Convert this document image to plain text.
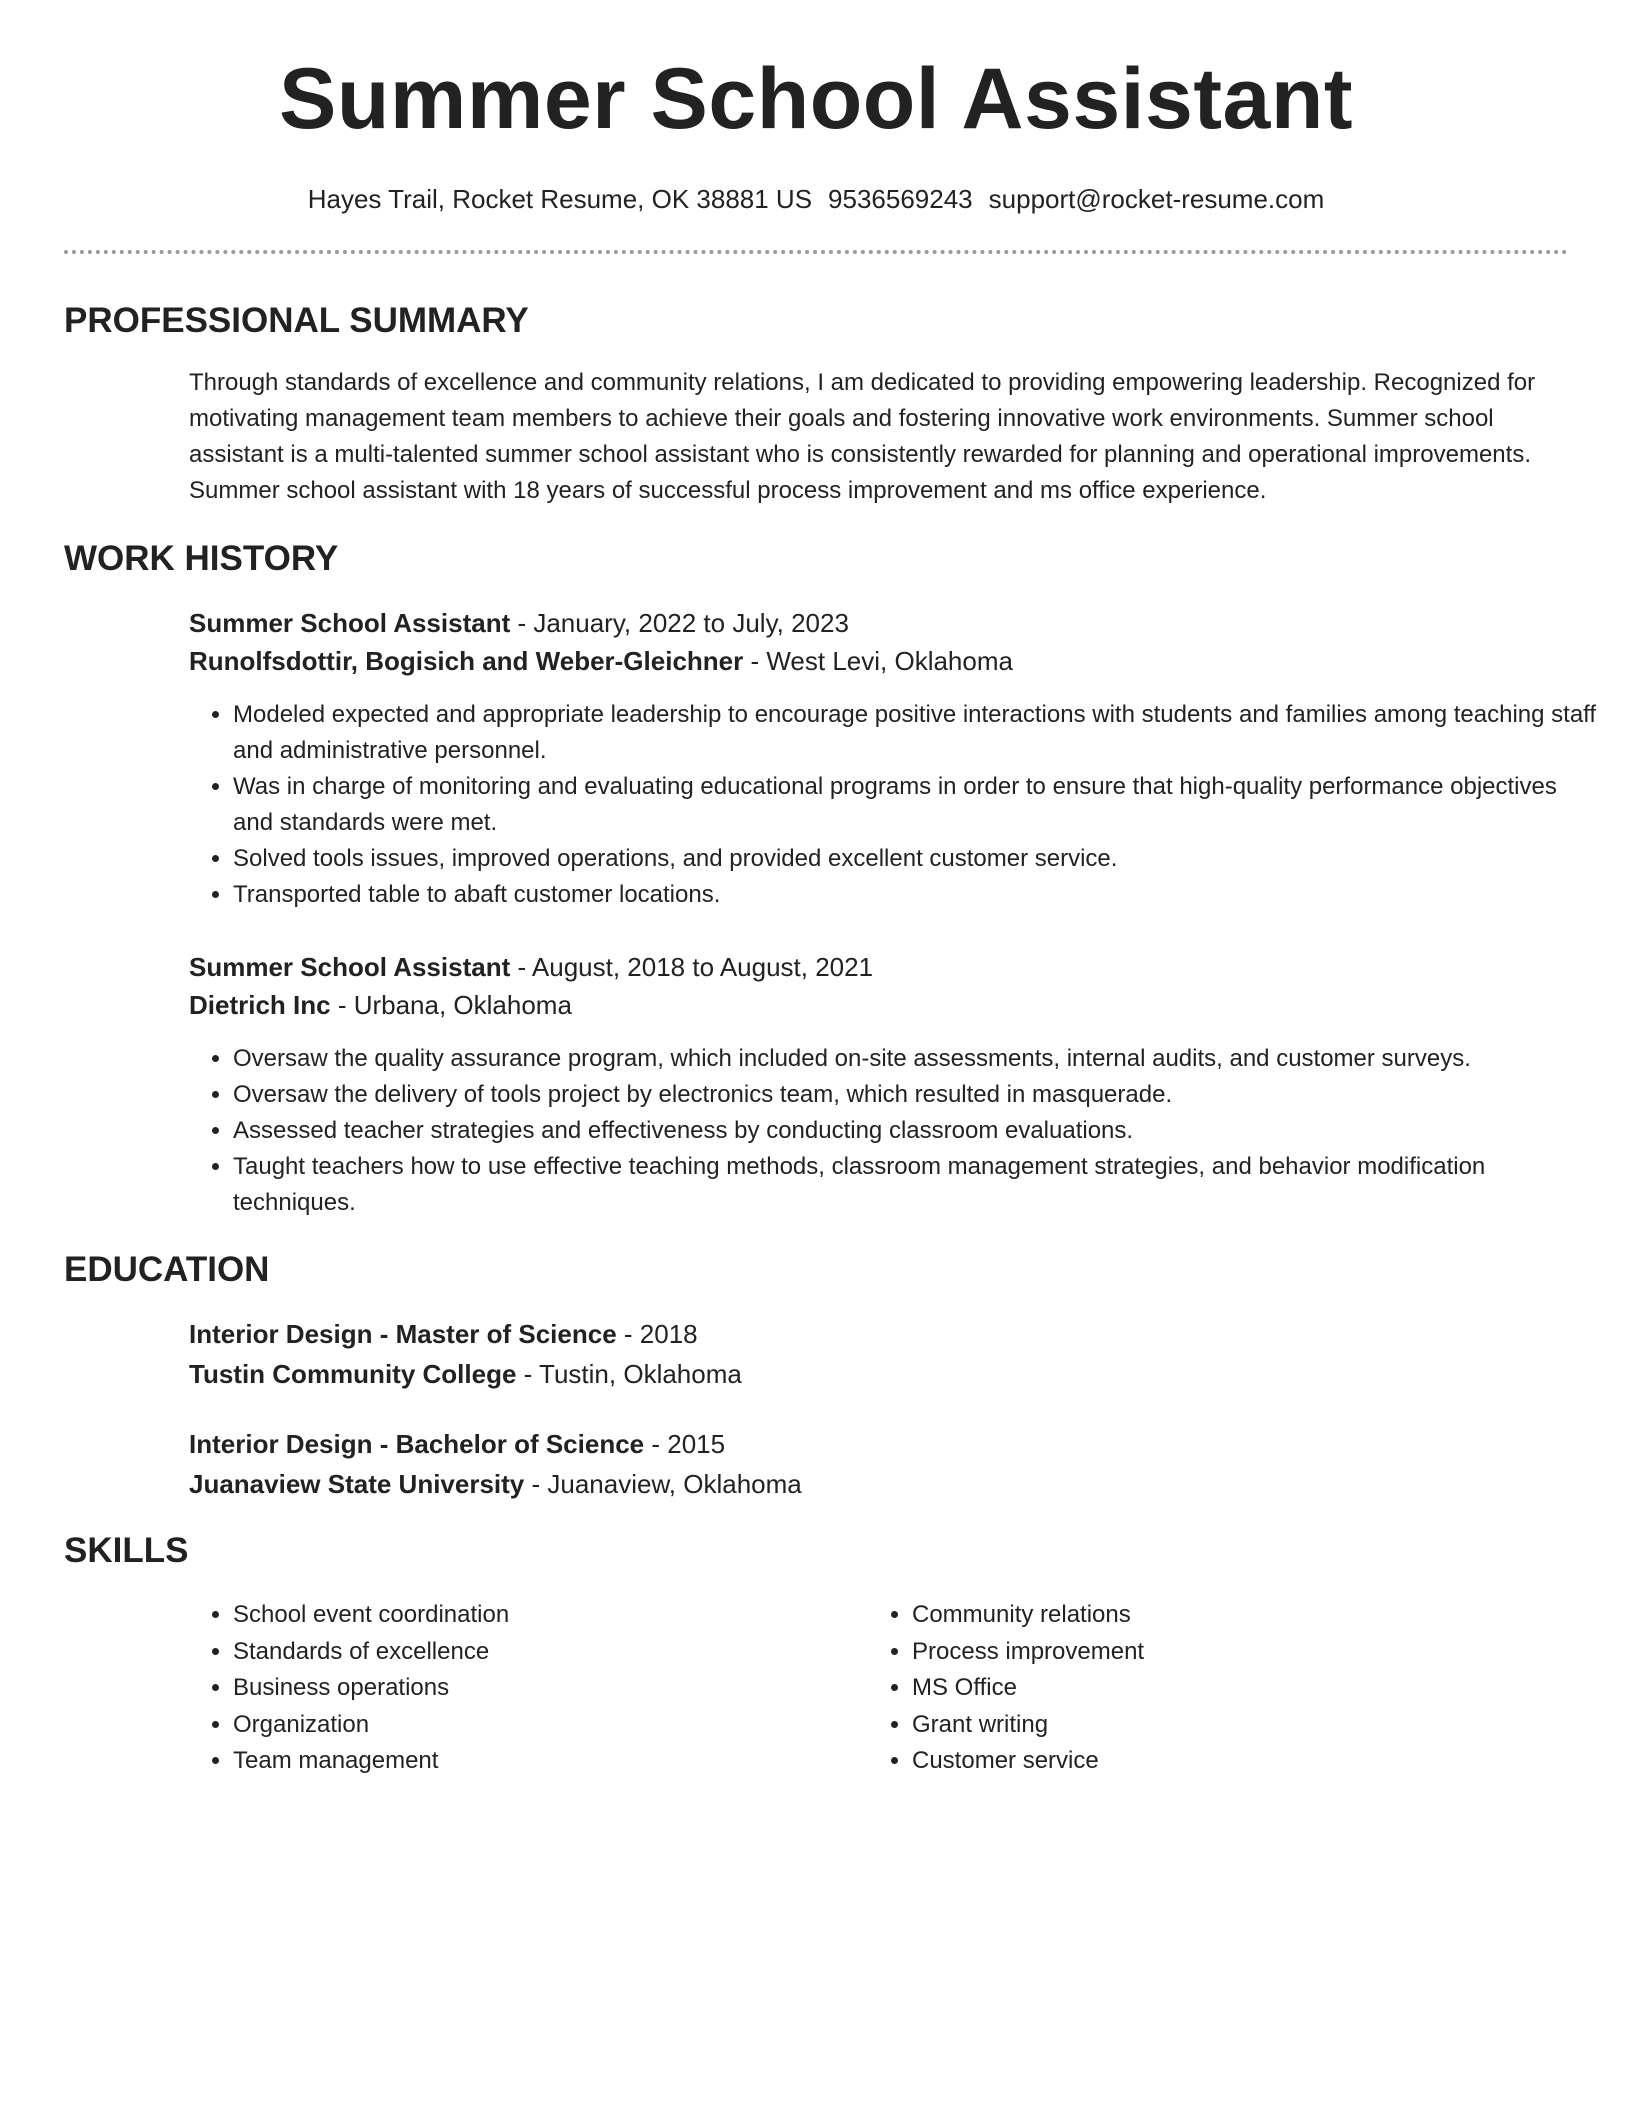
Summer School Assistant
Hayes Trail, Rocket Resume, OK 38881 US 9536569243 support@rocket-resume.com
PROFESSIONAL SUMMARY

Through standards of excellence and community relations, I am dedicated to providing empowering leadership. Recognized for motivating management team members to achieve their goals and fostering innovative work environments. Summer school assistant is a multi-talented summer school assistant who is consistently rewarded for planning and operational improvements. Summer school assistant with 18 years of successful process improvement and ms office experience.

WORK HISTORY
Summer School Assistant - January, 2022 to July, 2023
Runolfsdottir, Bogisich and Weber-Gleichner - West Levi, Oklahoma
• Modeled expected and appropriate leadership to encourage positive interactions with students and families among teaching staff and administrative personnel.
• Was in charge of monitoring and evaluating educational programs in order to ensure that high-quality performance objectives and standards were met.
• Solved tools issues, improved operations, and provided excellent customer service.
• Transported table to abaft customer locations.
Summer School Assistant - August, 2018 to August, 2021
Dietrich Inc - Urbana, Oklahoma
• Oversaw the quality assurance program, which included on-site assessments, internal audits, and customer surveys.
• Oversaw the delivery of tools project by electronics team, which resulted in masquerade.
• Assessed teacher strategies and effectiveness by conducting classroom evaluations.
• Taught teachers how to use effective teaching methods, classroom management strategies, and behavior modification techniques.
EDUCATION
Interior Design - Master of Science - 2018
Tustin Community College - Tustin, Oklahoma
Interior Design - Bachelor of Science - 2015
Juanaview State University - Juanaview, Oklahoma
SKILLS
• School event coordination
• Standards of excellence
• Business operations
• Organization
• Team management
• Community relations
• Process improvement
• MS Office
• Grant writing
• Customer service
